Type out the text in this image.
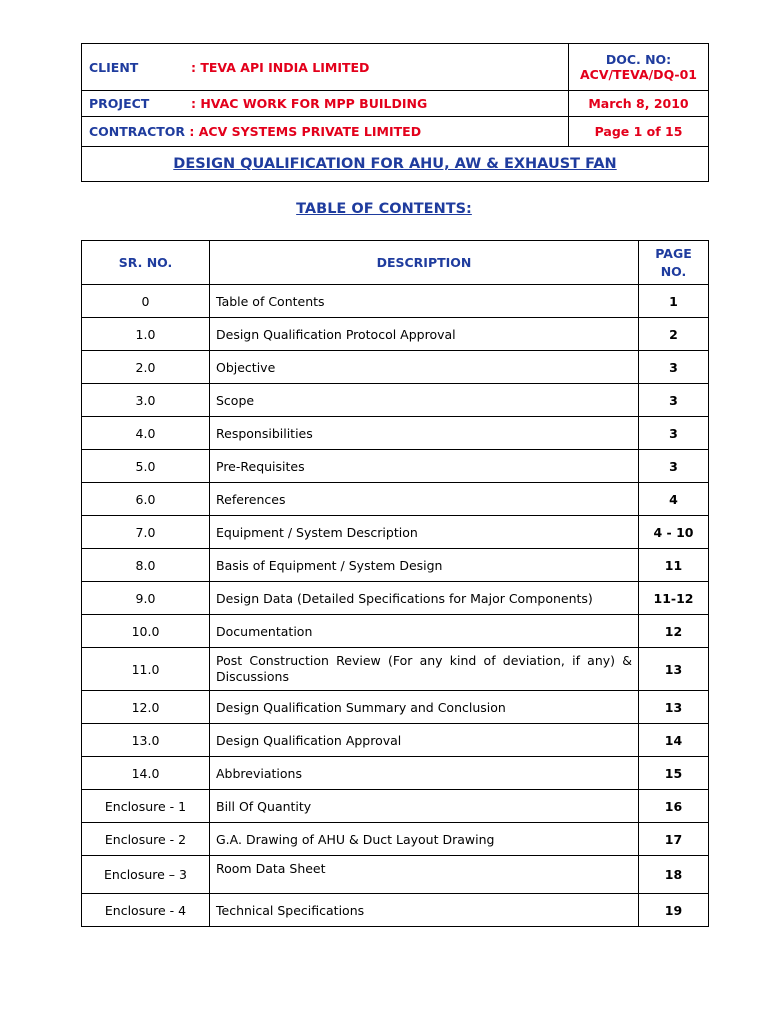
CLIENT : TEVA API INDIA LIMITED	DOC. NO:
ACV/TEVA/DQ-01

PROJECT : HVAC WORK FOR MPP BUILDING	March 8, 2010
CONTRACTOR : ACV SYSTEMS PRIVATE LIMITED	Page 1 of 15
DESIGN QUALIFICATION FOR AHU, AW & EXHAUST FAN	
TABLE OF CONTENTS:
SR. NO.	DESCRIPTION	PAGE
NO.

0	Table of Contents	1
1.0	Design Qualification Protocol Approval	2
2.0	Objective	3
3.0	Scope	3
4.0	Responsibilities	3
5.0	Pre-Requisites	3
6.0	References	4
7.0	Equipment / System Description	4 - 10
8.0	Basis of Equipment / System Design	11
9.0	Design Data (Detailed Specifications for Major Components)	11-12
10.0	Documentation	12
11.0	Post Construction Review (For any kind of deviation, if any) & Discussions	13
12.0	Design Qualification Summary and Conclusion	13
13.0	Design Qualification Approval	14
14.0	Abbreviations	15
Enclosure - 1	Bill Of Quantity	16
Enclosure - 2	G.A. Drawing of AHU & Duct Layout Drawing	17
Enclosure – 3	Room Data Sheet	18
Enclosure - 4	Technical Specifications	19
